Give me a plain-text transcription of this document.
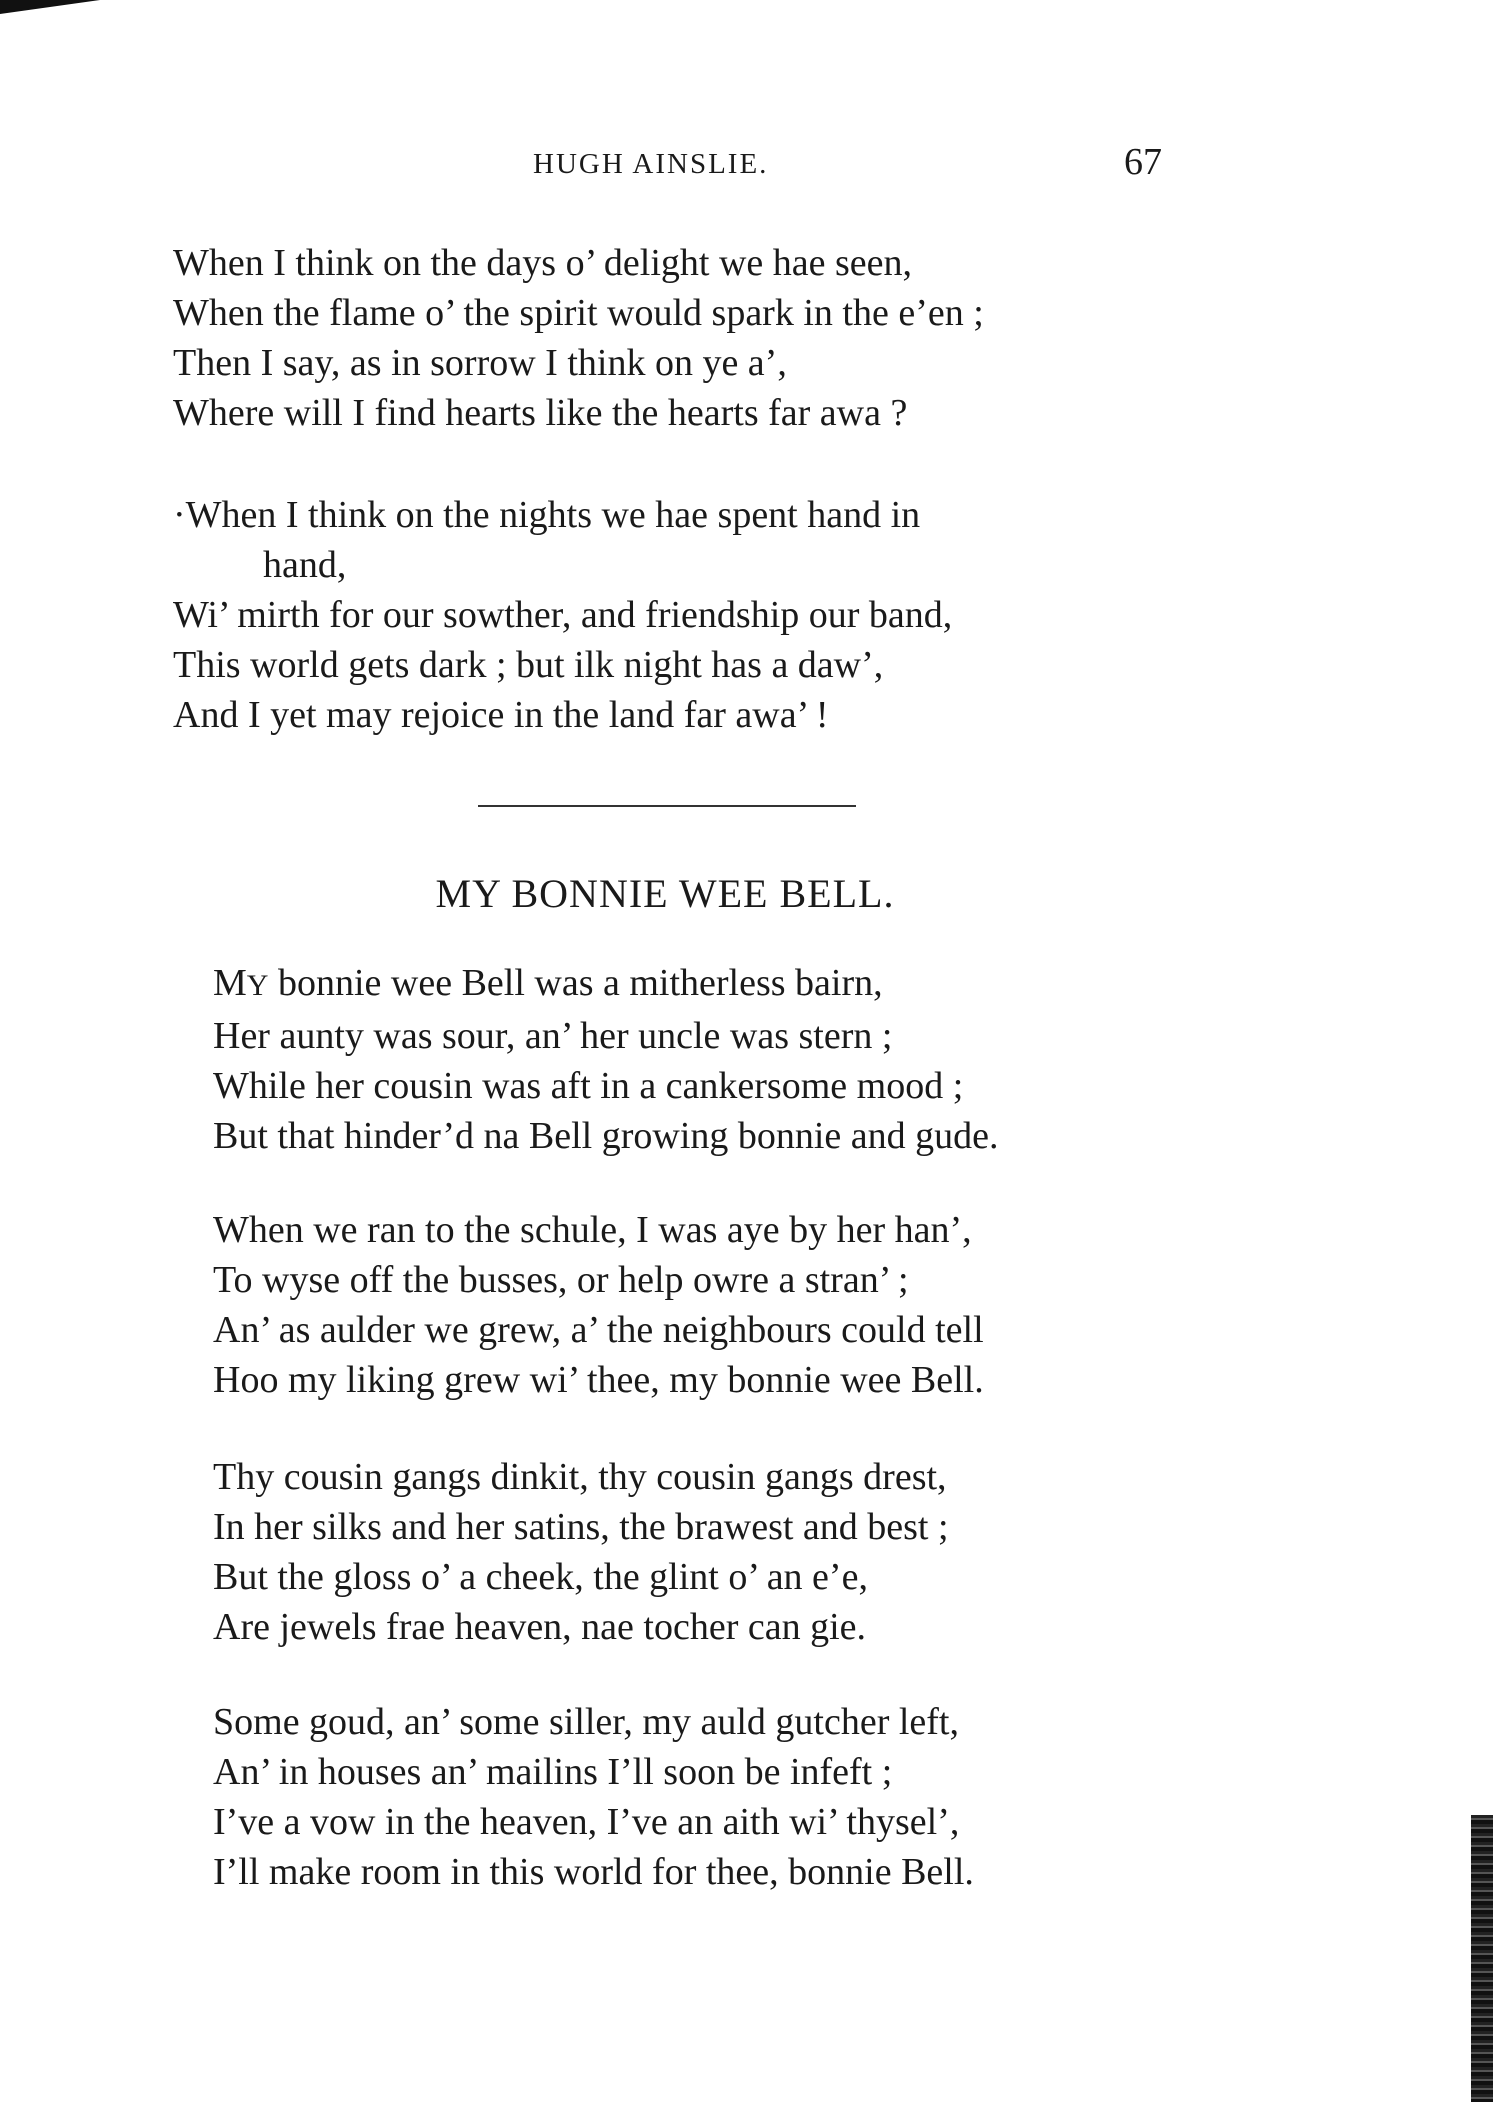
HUGH AINSLIE.	67
When I think on the days o’ delight we hae seen,
When the flame o’ the spirit would spark in the e’en ;
Then I say, as in sorrow I think on ye a’,
Where will I find hearts like the hearts far awa ?
·When I think on the nights we hae spent hand in
hand,
Wi’ mirth for our sowther, and friendship our band,
This world gets dark ; but ilk night has a daw’,
And I yet may rejoice in the land far awa’ !
MY BONNIE WEE BELL.
MY bonnie wee Bell was a mitherless bairn,
Her aunty was sour, an’ her uncle was stern ;
While her cousin was aft in a cankersome mood ;
But that hinder’d na Bell growing bonnie and gude.
When we ran to the schule, I was aye by her han’,
To wyse off the busses, or help owre a stran’ ;
An’ as aulder we grew, a’ the neighbours could tell
Hoo my liking grew wi’ thee, my bonnie wee Bell.
Thy cousin gangs dinkit, thy cousin gangs drest,
In her silks and her satins, the brawest and best ;
But the gloss o’ a cheek, the glint o’ an e’e,
Are jewels frae heaven, nae tocher can gie.
Some goud, an’ some siller, my auld gutcher left,
An’ in houses an’ mailins I’ll soon be infeft ;
I’ve a vow in the heaven, I’ve an aith wi’ thysel’,
I’ll make room in this world for thee, bonnie Bell.
